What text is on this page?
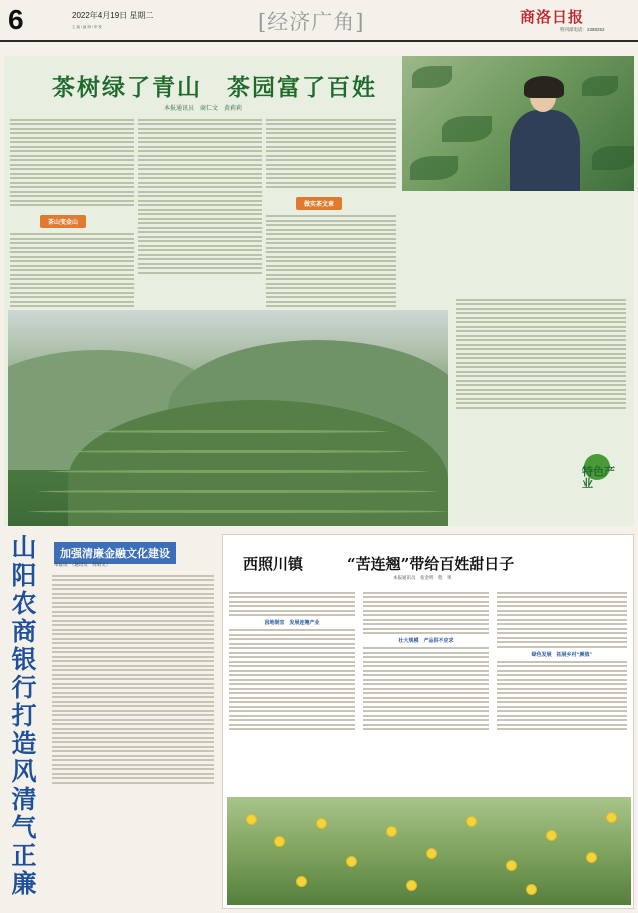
6	2022年4月19日 星期二
主 编 / 编 辑 / 审 校	[经济广角]	商洛日报
特刊部电话：2388252
茶树绿了青山　茶园富了百姓
本报通讯员　商仁文　黄莉莉
茶山变金山
做实茶文章
特色产业
山阳农商银行打造风清气正廉
加强清廉金融文化建设
本报讯　（通讯员　周娟文）	西照川镇	“苦连翘”带给百姓甜日子
本报通讯员　张金明　程　果
因地制宜　发展连翘产业
壮大规模　产品供不应求
绿色发展　拓展乡村“颜值”
